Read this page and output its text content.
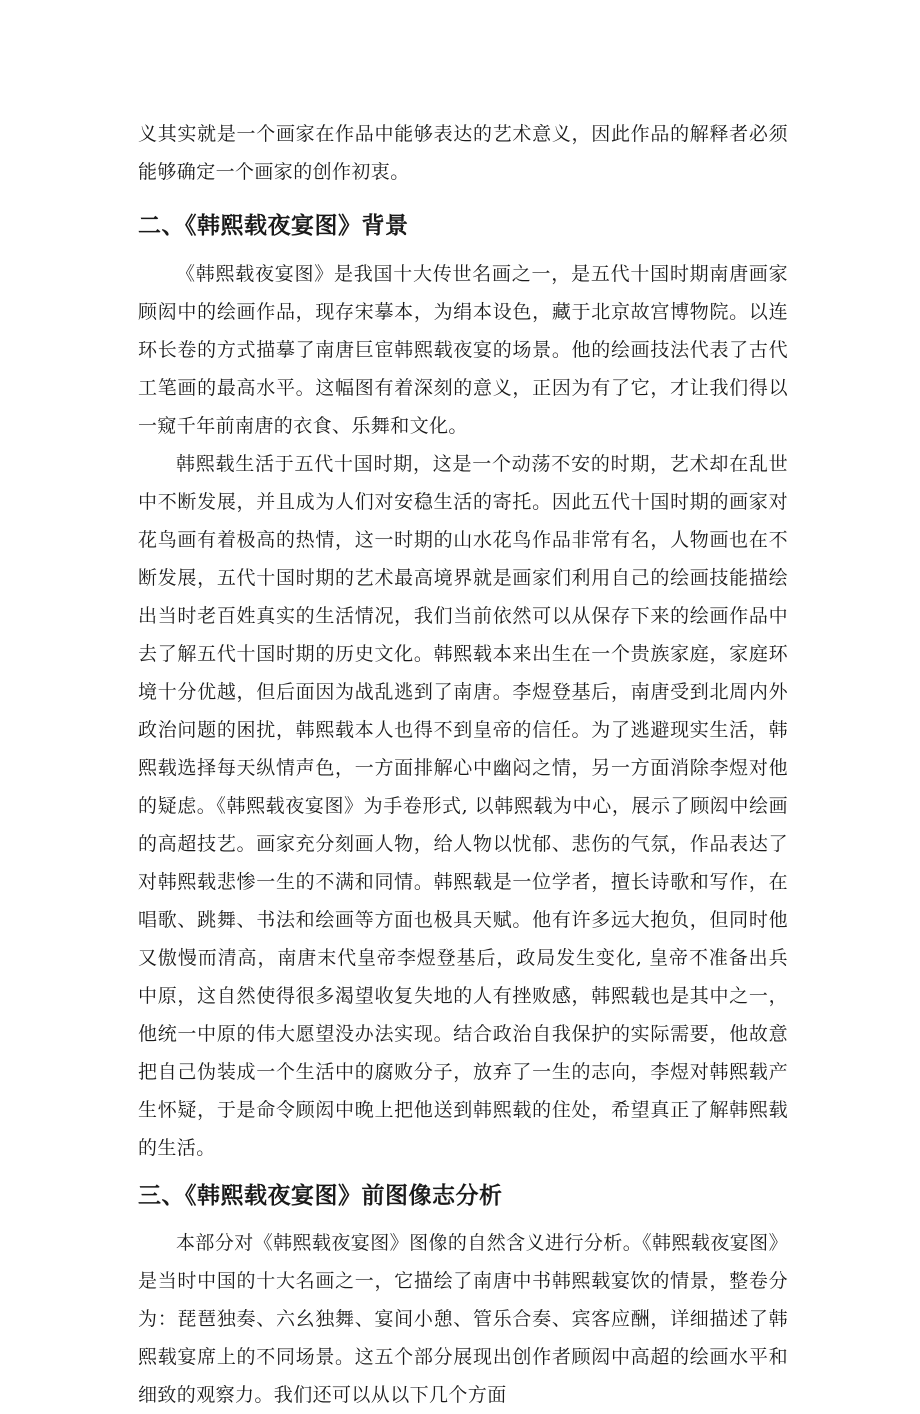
义其实就是一个画家在作品中能够表达的艺术意义，因此作品的解释者必须能够确定一个画家的创作初衷。

二、《韩熙载夜宴图》背景

《韩熙载夜宴图》是我国十大传世名画之一，是五代十国时期南唐画家顾闳中的绘画作品，现存宋摹本，为绢本设色，藏于北京故宫博物院。以连环长卷的方式描摹了南唐巨宦韩熙载夜宴的场景。他的绘画技法代表了古代工笔画的最高水平。这幅图有着深刻的意义，正因为有了它，才让我们得以一窥千年前南唐的衣食、乐舞和文化。

韩熙载生活于五代十国时期，这是一个动荡不安的时期，艺术却在乱世中不断发展，并且成为人们对安稳生活的寄托。因此五代十国时期的画家对花鸟画有着极高的热情，这一时期的山水花鸟作品非常有名，人物画也在不断发展，五代十国时期的艺术最高境界就是画家们利用自己的绘画技能描绘出当时老百姓真实的生活情况，我们当前依然可以从保存下来的绘画作品中去了解五代十国时期的历史文化。韩熙载本来出生在一个贵族家庭，家庭环境十分优越，但后面因为战乱逃到了南唐。李煜登基后，南唐受到北周内外政治问题的困扰，韩熙载本人也得不到皇帝的信任。为了逃避现实生活，韩熙载选择每天纵情声色，一方面排解心中幽闷之情，另一方面消除李煜对他的疑虑。《韩熙载夜宴图》为手卷形式, 以韩熙载为中心，展示了顾闳中绘画的高超技艺。画家充分刻画人物，给人物以忧郁、悲伤的气氛，作品表达了对韩熙载悲惨一生的不满和同情。韩熙载是一位学者，擅长诗歌和写作，在唱歌、跳舞、书法和绘画等方面也极具天赋。他有许多远大抱负，但同时他又傲慢而清高，南唐末代皇帝李煜登基后，政局发生变化, 皇帝不准备出兵中原，这自然使得很多渴望收复失地的人有挫败感，韩熙载也是其中之一，他统一中原的伟大愿望没办法实现。结合政治自我保护的实际需要，他故意把自己伪装成一个生活中的腐败分子，放弃了一生的志向，李煜对韩熙载产生怀疑，于是命令顾闳中晚上把他送到韩熙载的住处，希望真正了解韩熙载的生活。

三、《韩熙载夜宴图》前图像志分析

本部分对《韩熙载夜宴图》图像的自然含义进行分析。《韩熙载夜宴图》是当时中国的十大名画之一，它描绘了南唐中书韩熙载宴饮的情景，整卷分为：琵琶独奏、六幺独舞、宴间小憩、管乐合奏、宾客应酬，详细描述了韩熙载宴席上的不同场景。这五个部分展现出创作者顾闳中高超的绘画水平和细致的观察力。我们还可以从以下几个方面
